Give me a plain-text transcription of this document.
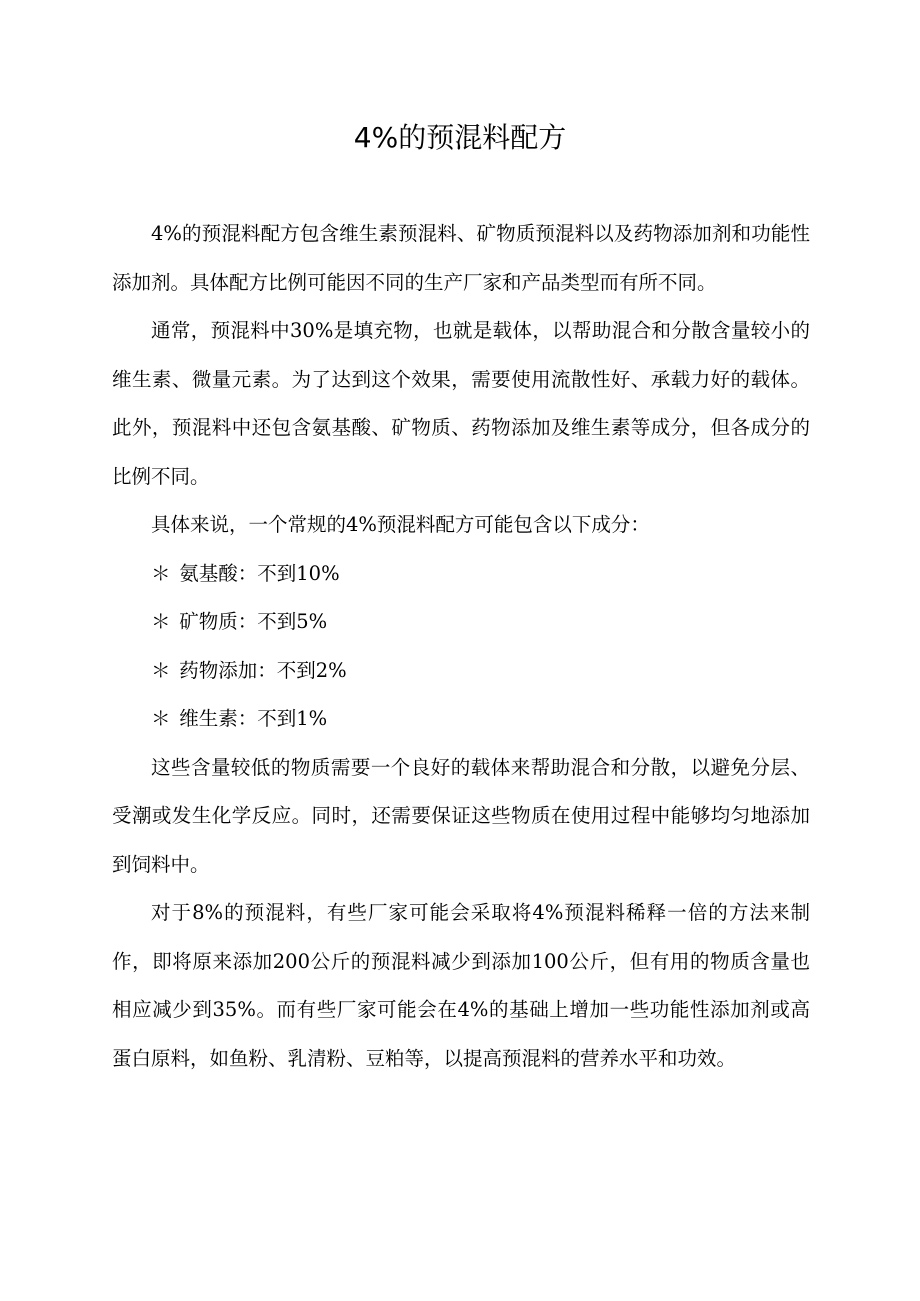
4%的预混料配方

4%的预混料配方包含维生素预混料、矿物质预混料以及药物添加剂和功能性添加剂。具体配方比例可能因不同的生产厂家和产品类型而有所不同。

通常，预混料中30%是填充物，也就是载体，以帮助混合和分散含量较小的维生素、微量元素。为了达到这个效果，需要使用流散性好、承载力好的载体。此外，预混料中还包含氨基酸、矿物质、药物添加及维生素等成分，但各成分的比例不同。

具体来说，一个常规的4%预混料配方可能包含以下成分：

＊ 氨基酸：不到10%
＊ 矿物质：不到5%
＊ 药物添加：不到2%
＊ 维生素：不到1%

这些含量较低的物质需要一个良好的载体来帮助混合和分散，以避免分层、受潮或发生化学反应。同时，还需要保证这些物质在使用过程中能够均匀地添加到饲料中。

对于8%的预混料，有些厂家可能会采取将4%预混料稀释一倍的方法来制作，即将原来添加200公斤的预混料减少到添加100公斤，但有用的物质含量也相应减少到35%。而有些厂家可能会在4%的基础上增加一些功能性添加剂或高蛋白原料，如鱼粉、乳清粉、豆粕等，以提高预混料的营养水平和功效。
